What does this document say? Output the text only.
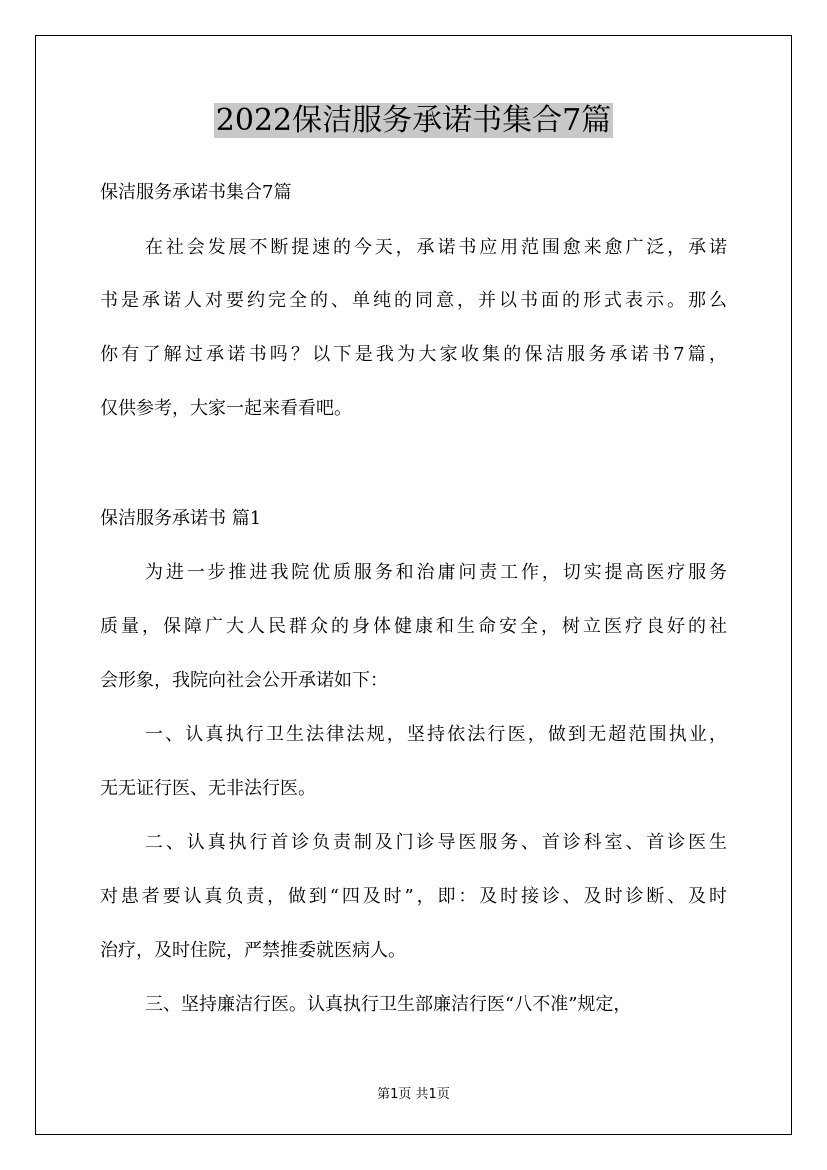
2022保洁服务承诺书集合7篇
保洁服务承诺书集合7篇
在社会发展不断提速的今天，承诺书应用范围愈来愈广泛，承诺
书是承诺人对要约完全的、单纯的同意，并以书面的形式表示。那么
你有了解过承诺书吗？以下是我为大家收集的保洁服务承诺书7篇，
仅供参考，大家一起来看看吧。
保洁服务承诺书 篇1
为进一步推进我院优质服务和治庸问责工作，切实提高医疗服务
质量，保障广大人民群众的身体健康和生命安全，树立医疗良好的社
会形象，我院向社会公开承诺如下：
一、认真执行卫生法律法规，坚持依法行医，做到无超范围执业，
无无证行医、无非法行医。
二、认真执行首诊负责制及门诊导医服务、首诊科室、首诊医生
对患者要认真负责，做到“四及时”，即：及时接诊、及时诊断、及时
治疗，及时住院，严禁推委就医病人。
三、坚持廉洁行医。认真执行卫生部廉洁行医“八不准”规定，
第1页 共1页
